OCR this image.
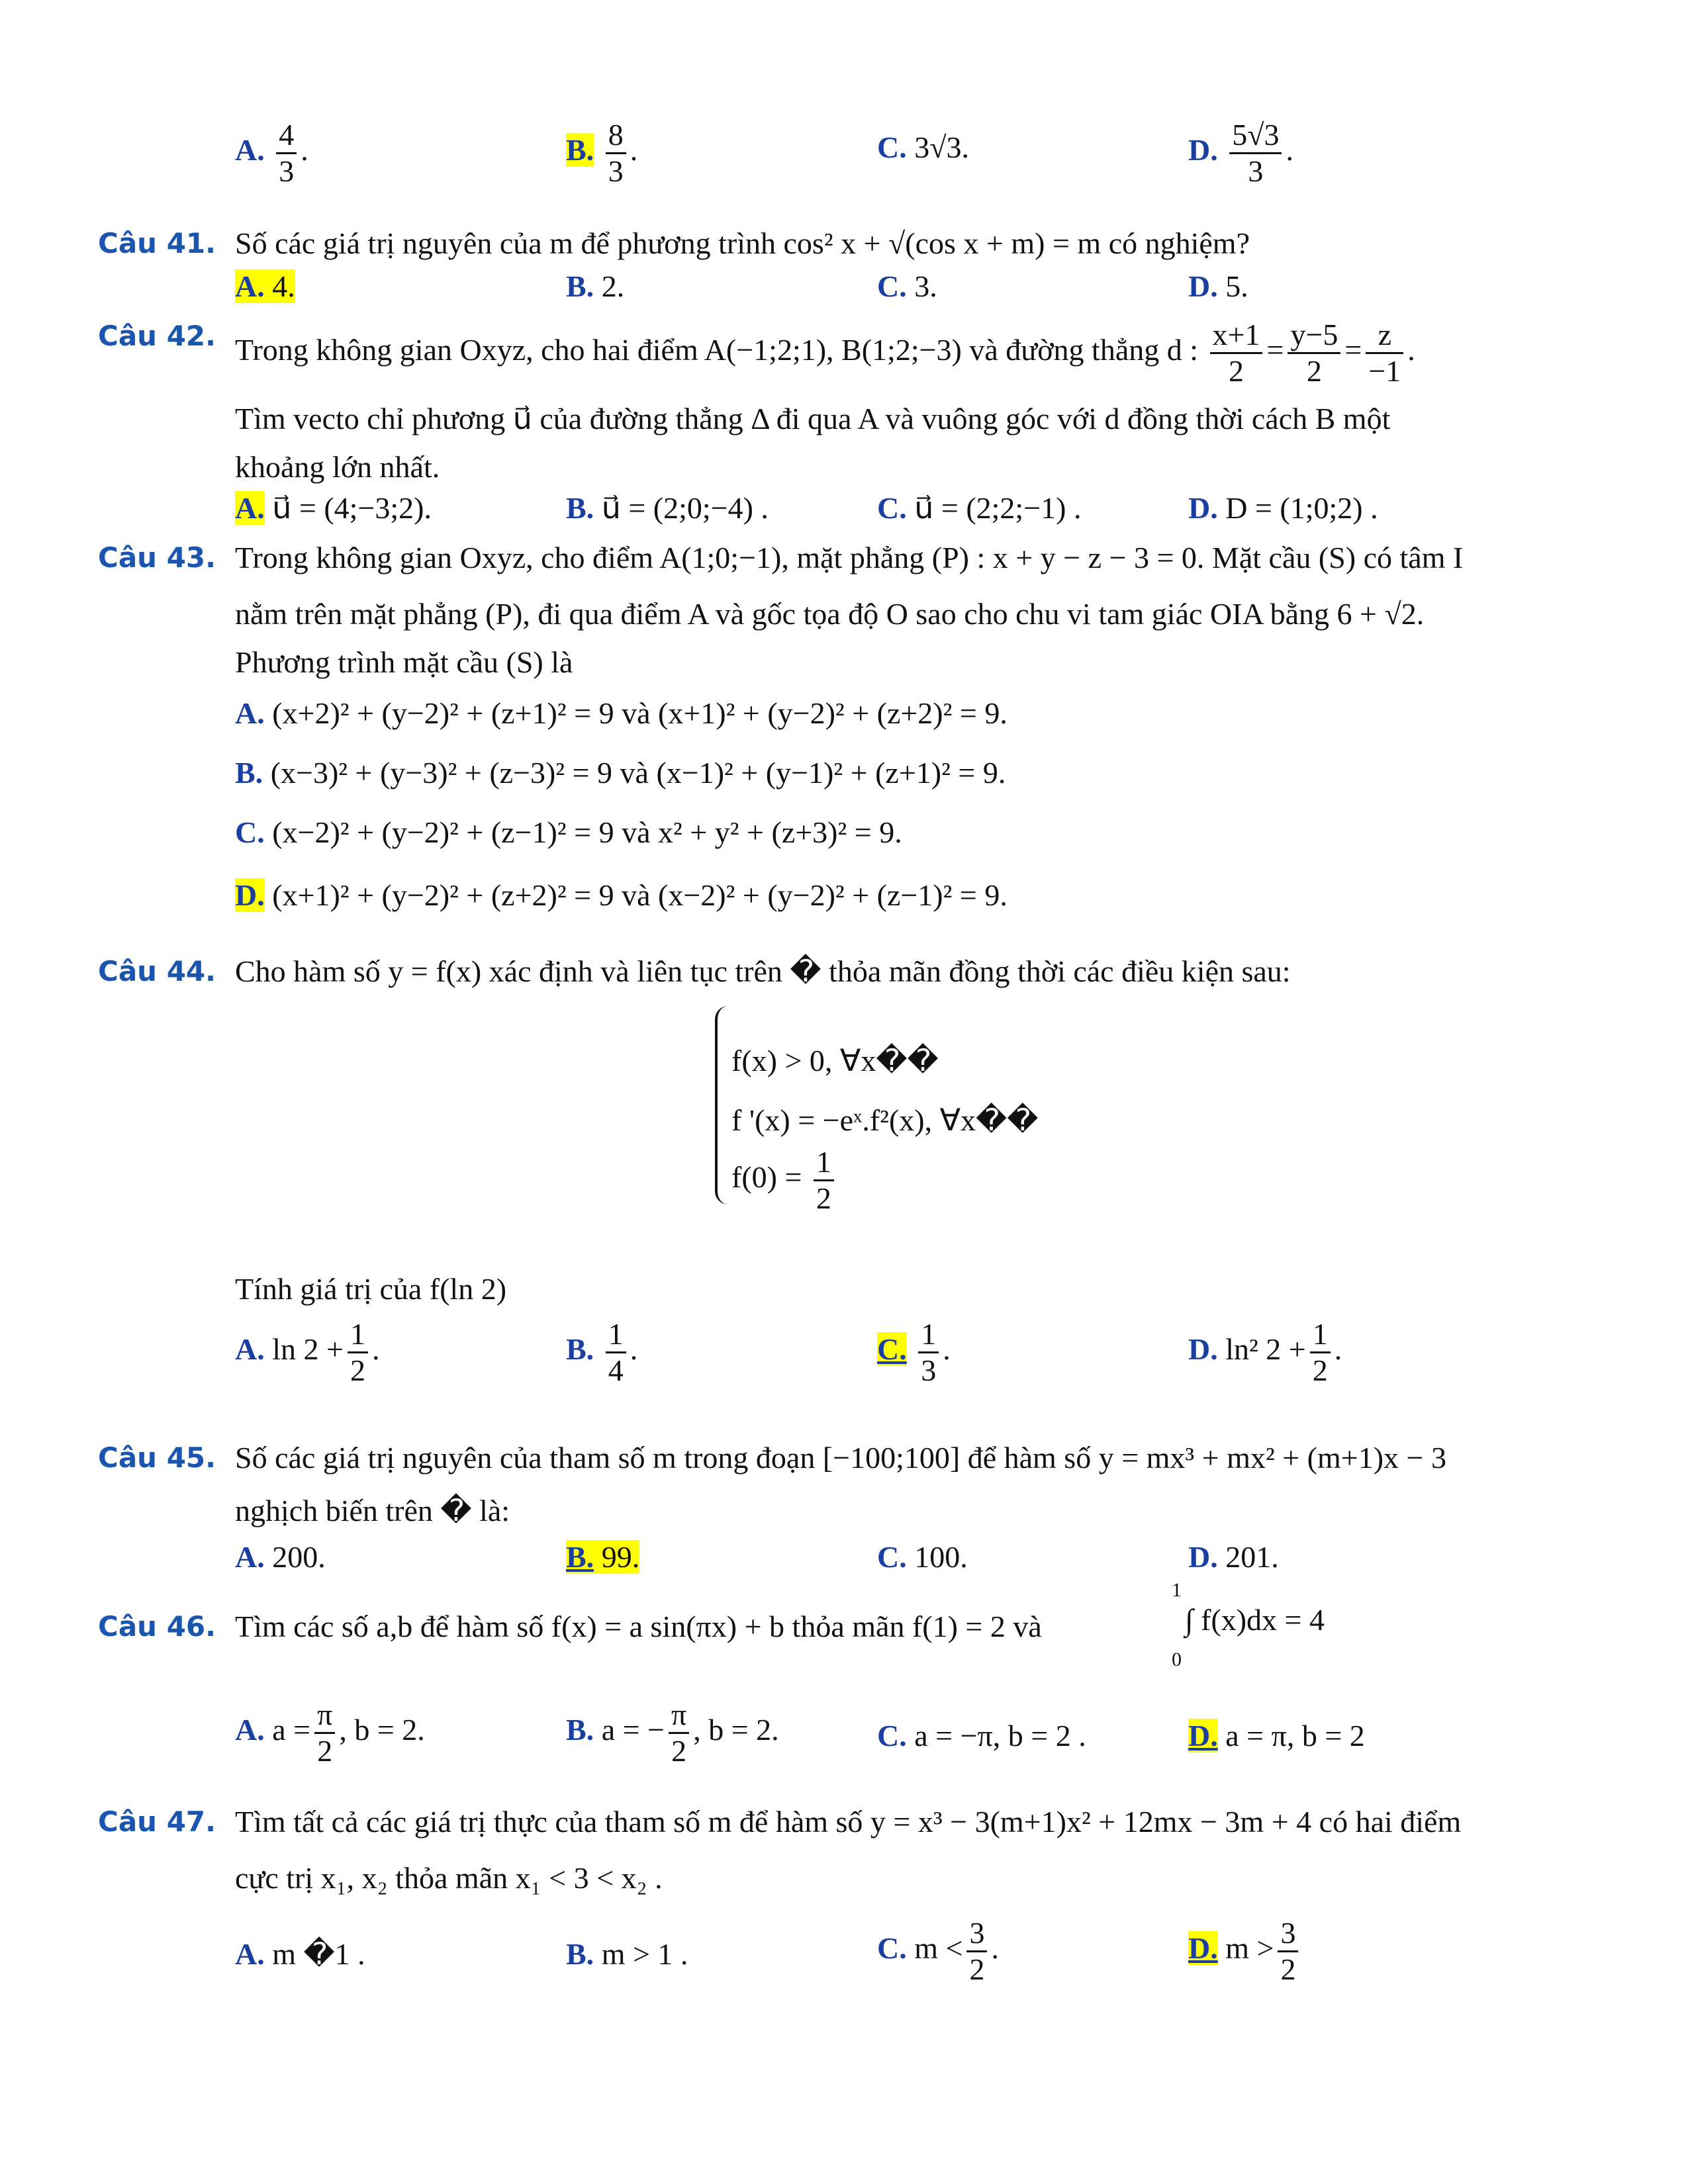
A. $\frac{4}{3}$ .	B. $\frac{8}{3}$ .	C. 3√3.	D. $\frac{5√3}{3}$ .
Câu 41. Số các giá trị nguyên của m để phương trình cos² x + √(cos x + m) = m có nghiệm?
A. 4.	B. 2.	C. 3.	D. 5.
Câu 42. Trong không gian Oxyz, cho hai điểm A(−1;2;1), B(1;2;−3) và đường thẳng d : $\frac{x+1}{2} = \frac{y-5}{2} = \frac{z}{-1}$ .
Tìm vecto chỉ phương u⃗ của đường thẳng Δ đi qua A và vuông góc với d đồng thời cách B một
khoảng lớn nhất.
A. u⃗ = (4;−3;2).	B. u⃗ = (2;0;−4) .	C. u⃗ = (2;2;−1) .	D. D = (1;0;2) .
Câu 43. Trong không gian Oxyz, cho điểm A(1;0;−1), mặt phẳng (P) : x + y − z − 3 = 0. Mặt cầu (S) có tâm I
nằm trên mặt phẳng (P), đi qua điểm A và gốc tọa độ O sao cho chu vi tam giác OIA bằng 6 + √2.
Phương trình mặt cầu (S) là
A. (x+2)² + (y−2)² + (z+1)² = 9 và (x+1)² + (y−2)² + (z+2)² = 9.
B. (x−3)² + (y−3)² + (z−3)² = 9 và (x−1)² + (y−1)² + (z+1)² = 9.
C. (x−2)² + (y−2)² + (z−1)² = 9 và x² + y² + (z+3)² = 9.
D. (x+1)² + (y−2)² + (z+2)² = 9 và (x−2)² + (y−2)² + (z−1)² = 9.
Câu 44. Cho hàm số y = f(x) xác định và liên tục trên � thỏa mãn đồng thời các điều kiện sau:
f(x) > 0, ∀x��
f '(x) = −eˣ.f²(x), ∀x��
$f(0) = \frac{1}{2}$
Tính giá trị của f(ln 2)
A. $\ln 2 + \frac{1}{2}$ .	B. $\frac{1}{4}$ .	C. $\frac{1}{3}$ .	D. ln² $2 + \frac{1}{2}$ .
Câu 45. Số các giá trị nguyên của tham số m trong đoạn [−100;100] để hàm số y = mx³ + mx² + (m+1)x − 3
nghịch biến trên � là:
A. 200.	B. 99.	C. 100.	D. 201.
Câu 46. Tìm các số a,b để hàm số f(x) = a sin(πx) + b thỏa mãn f(1) = 2 và
1
∫ f(x)dx = 4
0
A. $a = \frac{\pi}{2}$ , b = 2.	B. a = − $\frac{\pi}{2}$ , b = 2.	C. a = −π, b = 2 .	D. a = π, b = 2
Câu 47. Tìm tất cả các giá trị thực của tham số m để hàm số y = x³ − 3(m+1)x² + 12mx − 3m + 4 có hai điểm
cực trị x₁, x₂ thỏa mãn x₁ < 3 < x₂ .
A. m �1 .	B. m > 1 .	C. $m < \frac{3}{2}$ .	D. $m > \frac{3}{2}$
